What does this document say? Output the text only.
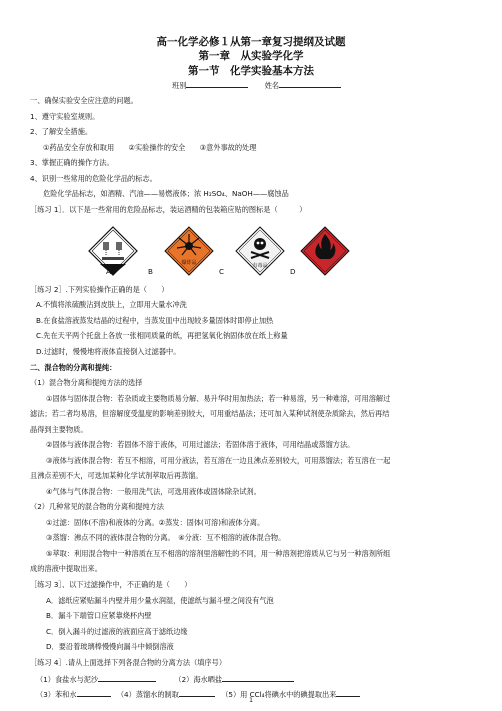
高一化学必修１从第一章复习提纲及试题
第一章　从实验学化学
第一节　化学实验基本方法
班别	姓名
一、确保实验安全应注意的问题。
1、遵守实验室规则。
2、了解安全措施。
①药品安全存放和取用　　②实验操作的安全　　③意外事故的处理
3、掌握正确的操作方法。
4、识别一些常用的危险化学品的标志。
危险化学品标志，如酒精、汽油——易燃液体；浓 H₂SO₄、NaOH——腐蚀品
［练习 1］．以下是一些常用的危险品标志，装运酒精的包装箱应贴的图标是（　　　）
爆炸品	有毒品
A	B	C	D
［练习 2］.下列实验操作正确的是（　　）
A.不慎将浓硫酸沾到皮肤上，立即用大量水冲洗
B.在食盐溶液蒸发结晶的过程中，当蒸发皿中出现较多量固体时即停止加热
C.先在天平两个托盘上各放一张相同质量的纸，再把氢氧化钠固体放在纸上称量
D.过滤时，慢慢地将液体直接倒入过滤器中。
二、混合物的分离和提纯：
（1）混合物分离和提纯方法的选择
①固体与固体混合物：若杂质或主要物质易分解、易升华时用加热法；若一种易溶，另一种难溶，可用溶解过
滤法；若二者均易溶，但溶解度受温度的影响差别较大，可用重结晶法；还可加入某种试剂使杂质除去，然后再结
晶得到主要物质。
②固体与液体混合物：若固体不溶于液体，可用过滤法；若固体溶于液体，可用结晶或蒸馏方法。
③液体与液体混合物：若互不相溶，可用分液法，若互溶在一边且沸点差别较大，可用蒸馏法；若互溶在一起
且沸点差别不大，可选加某种化学试剂萃取后再蒸馏。
④气体与气体混合物：一般用洗气法，可选用液体或固体除杂试剂。
（2）几种常见的混合物的分离和提纯方法
①过滤：固体(不溶)和液体的分离。②蒸发：固体(可溶)和液体分离。
③蒸馏：沸点不同的液体混合物的分离。　④分液：互不相溶的液体混合物。
⑤萃取：利用混合物中一种溶质在互不相溶的溶剂里溶解性的不同，用一种溶剂把溶质从它与另一种溶剂所组
成的溶液中提取出来。
［练习 3］、以下过滤操作中，不正确的是（　　）
A．滤纸应紧贴漏斗内壁并用少量水润湿，使滤纸与漏斗壁之间没有气泡
B．漏斗下端管口应紧靠烧杯内壁
C．倒入漏斗的过滤液的液面应高于滤纸边缘
D．要沿着玻璃棒慢慢向漏斗中倾倒溶液
［练习 4］.请从上面选择下列各混合物的分离方法（填序号）
（1）食盐水与泥沙	（2）海水晒盐
（3）苯和水	（4）蒸馏水的制取	（5）用 CCl₄将碘水中的碘提取出来
1
